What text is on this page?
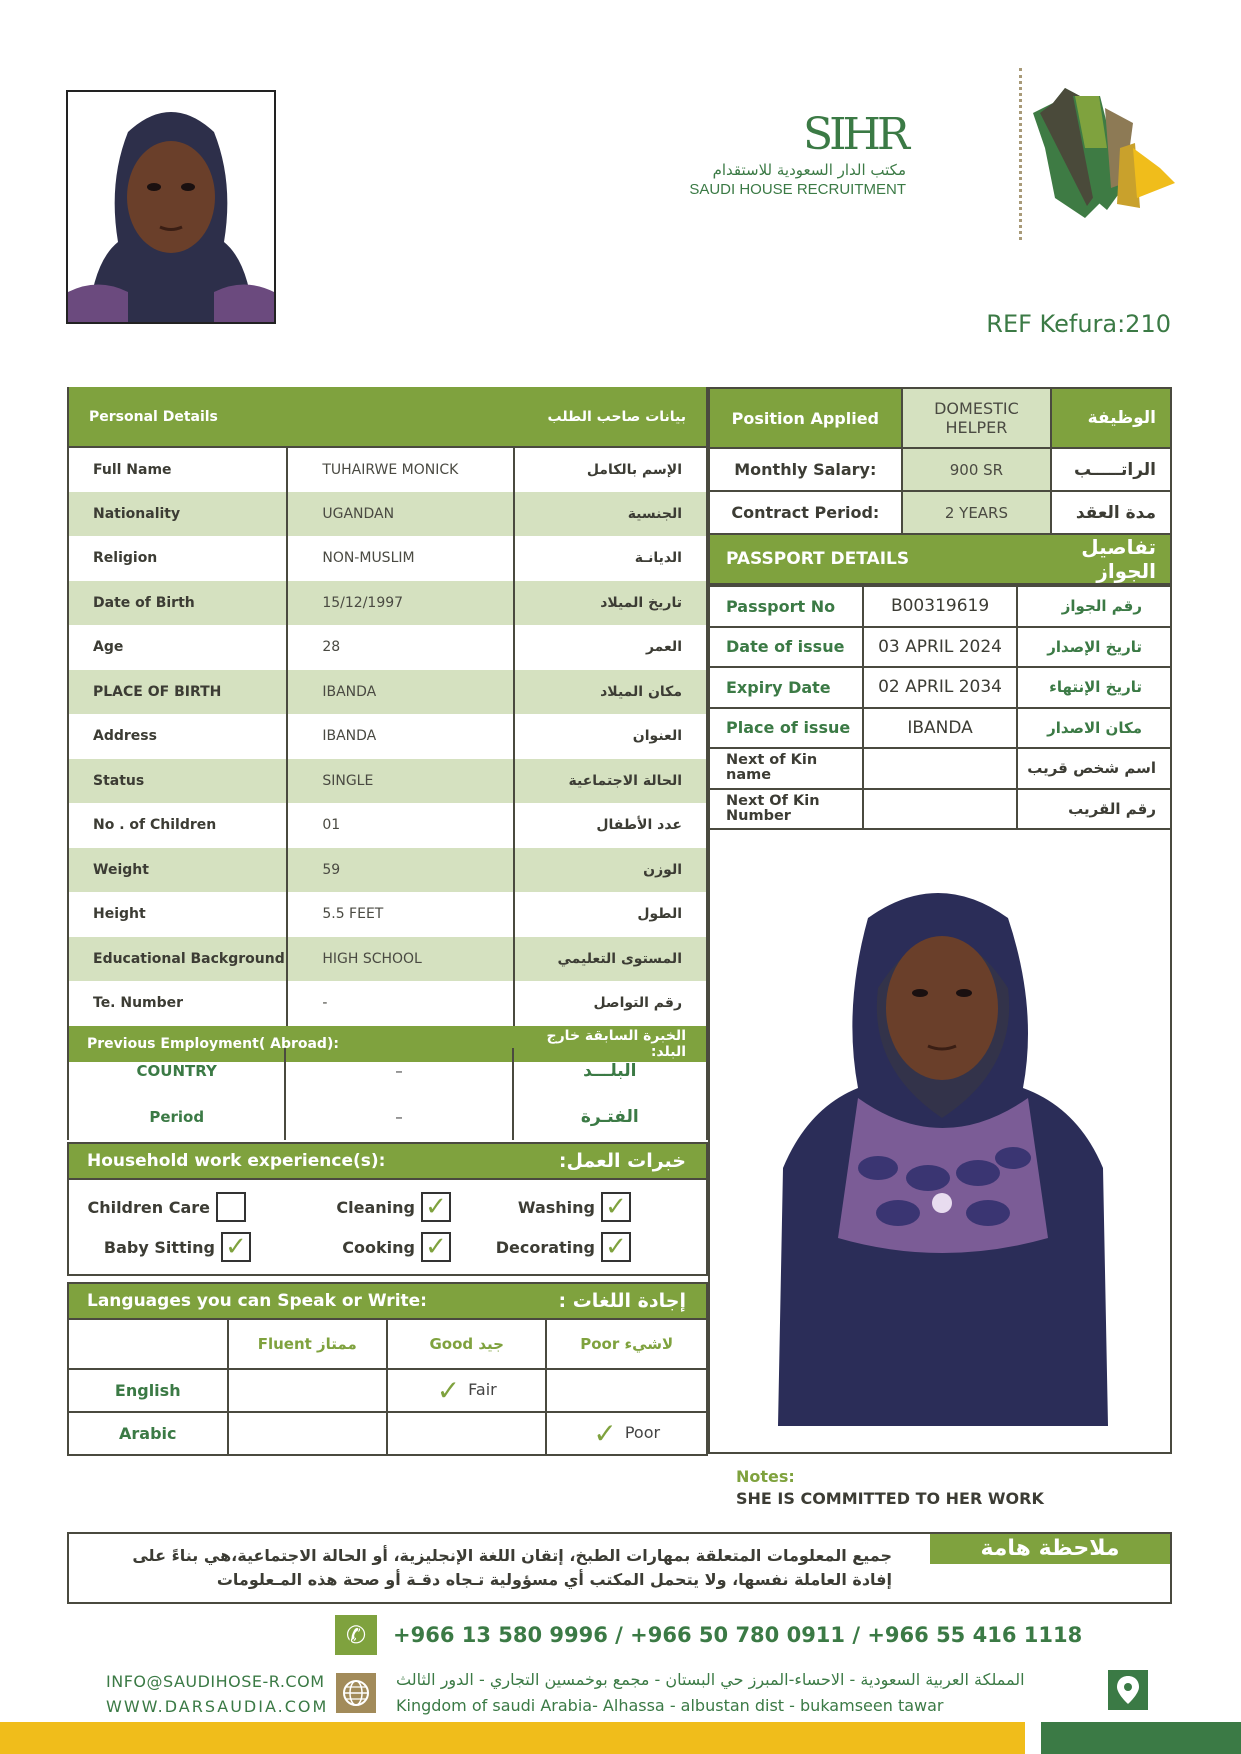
SIHR
مكتب الدار السعودية للاستقدام
SAUDI HOUSE RECRUITMENT
REF Kefura:210
Personal Details		بيانات صاحب الطلب
Full Name	TUHAIRWE MONICK	الإسم بالكامل
Nationality	UGANDAN	الجنسية
Religion	NON-MUSLIM	الديانـة
Date of Birth	15/12/1997	تاريخ الميلاد
Age	28	العمر
PLACE OF BIRTH	IBANDA	مكان الميلاد
Address	IBANDA	العنوان
Status	SINGLE	الحالة الاجتماعية
No . of Children	01	عدد الأطفال
Weight	59	الوزن
Height	5.5 FEET	الطول
Educational Background	HIGH SCHOOL	المستوى التعليمي
Te. Number	-	رقم التواصل
Previous Employment( Abroad):		الخبرة السابقة خارج البلد:
COUNTRY	–	البلـــد
Period	–	الفتـرة
Household work experience(s):	خبرات العمل:

Children Care	Cleaning ✓	Washing ✓
Baby Sitting ✓	Cooking ✓	Decorating ✓
Languages you can Speak or Write:	إجادة اللغات :
	Fluent ممتاز	Good جيد	Poor لاشيء
English		✓ Fair	
Arabic			✓ Poor
Position Applied	DOMESTIC HELPER	الوظيفة
Monthly Salary:	900 SR	الراتـــــب
Contract Period:	2 YEARS	مدة العقد
PASSPORT DETAILS		تفاصيل الجواز
Passport No	B00319619	رقم الجواز
Date of issue	03 APRIL 2024	تاريخ الإصدار
Expiry Date	02 APRIL 2034	تاريخ الإنتهاء
Place of issue	IBANDA	مكان الاصدار
Next of Kin name		اسم شخص قريب
Next Of Kin Number		رقم القريب
Notes:
SHE IS COMMITTED TO HER WORK
ملاحظة هامة
جميع المعلومات المتعلقة بمهارات الطبخ، إتقان اللغة الإنجليزية، أو الحالة الاجتماعية،هي بناءً على إفادة العاملة نفسها، ولا يتحمل المكتب أي مسؤولية تـجاه دقـة أو صحة هذه المـعلومات
✆	+966 13 580 9996 / +966 50 780 0911 / +966 55 416 1118
INFO@SAUDIHOSE-R.COM
WWW.DARSAUDIA.COM
المملكة العربية السعودية - الاحساء-المبرز حي البستان - مجمع بوخمسين التجاري - الدور الثالث
Kingdom of saudi Arabia- Alhassa - albustan dist - bukamseen tawar
